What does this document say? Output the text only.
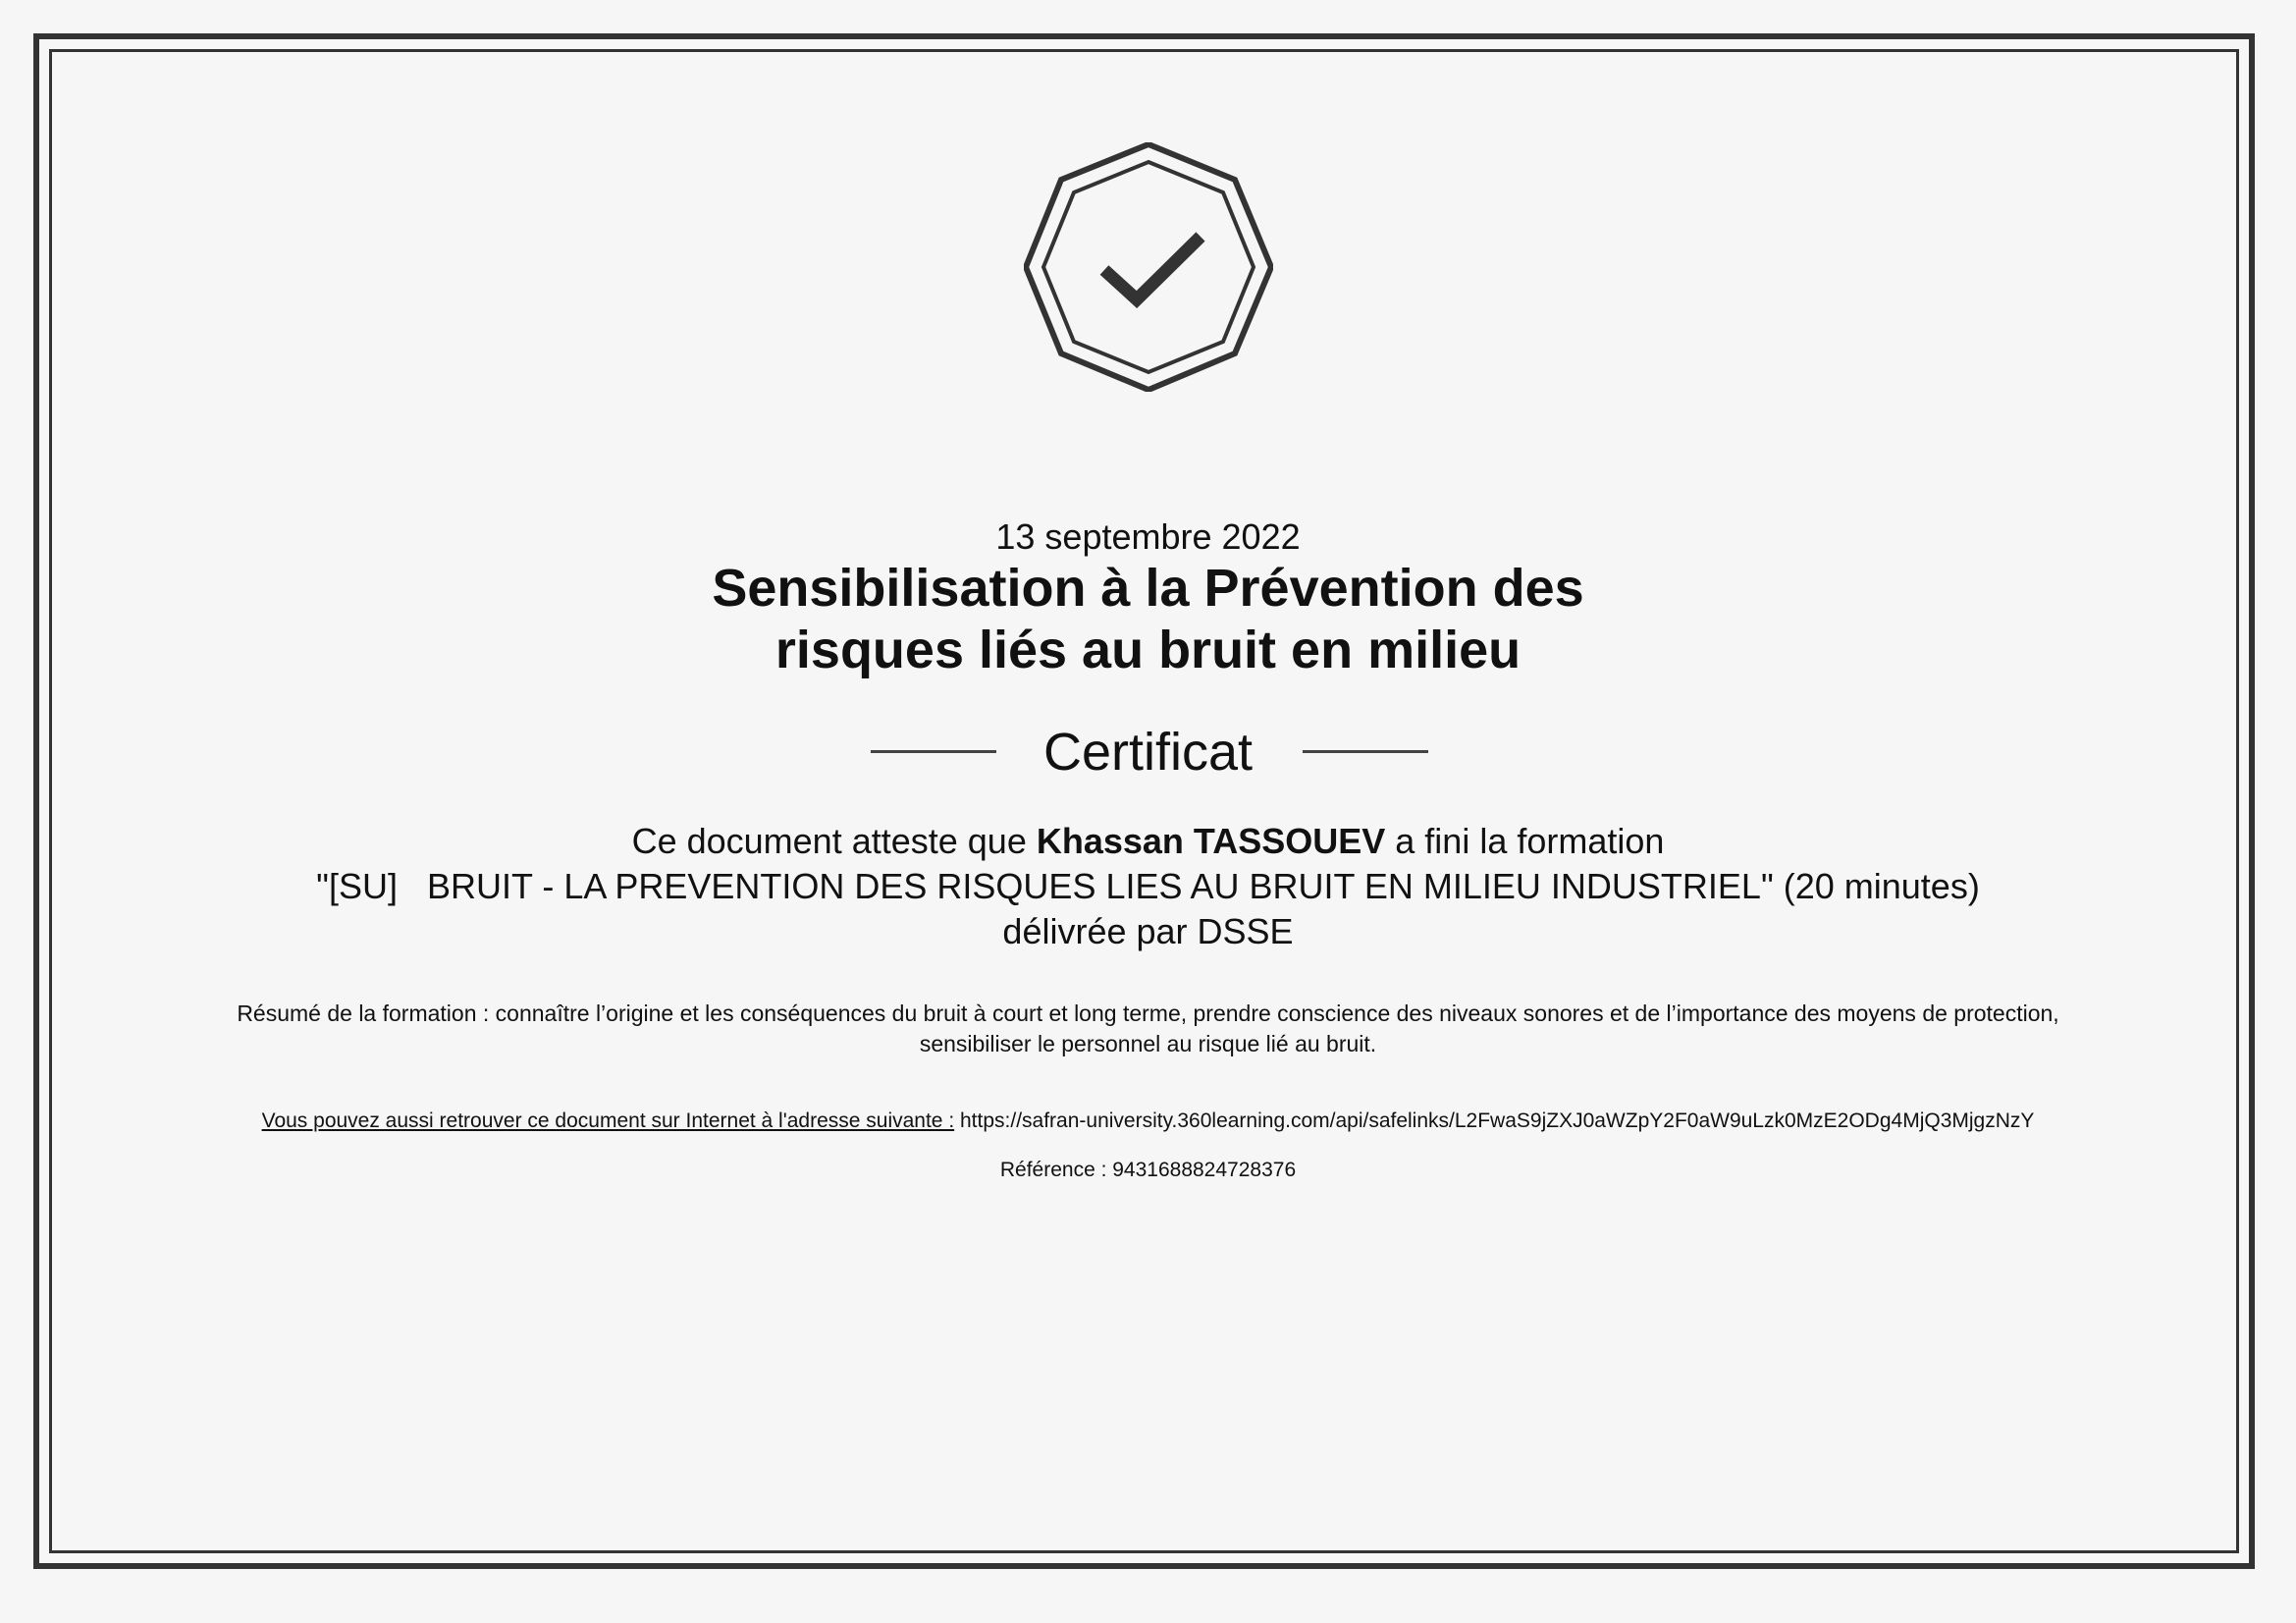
13 septembre 2022
Sensibilisation à la Prévention des
risques liés au bruit en milieu
Certificat
Ce document atteste que Khassan TASSOUEV a fini la formation
"[SU]   BRUIT - LA PREVENTION DES RISQUES LIES AU BRUIT EN MILIEU INDUSTRIEL" (20 minutes)
délivrée par DSSE
Résumé de la formation : connaître l’origine et les conséquences du bruit à court et long terme, prendre conscience des niveaux sonores et de l’importance des moyens de protection, sensibiliser le personnel au risque lié au bruit.
Vous pouvez aussi retrouver ce document sur Internet à l'adresse suivante : https://safran-university.360learning.com/api/safelinks/L2FwaS9jZXJ0aWZpY2F0aW9uLzk0MzE2ODg4MjQ3MjgzNzY
Référence : 9431688824728376
